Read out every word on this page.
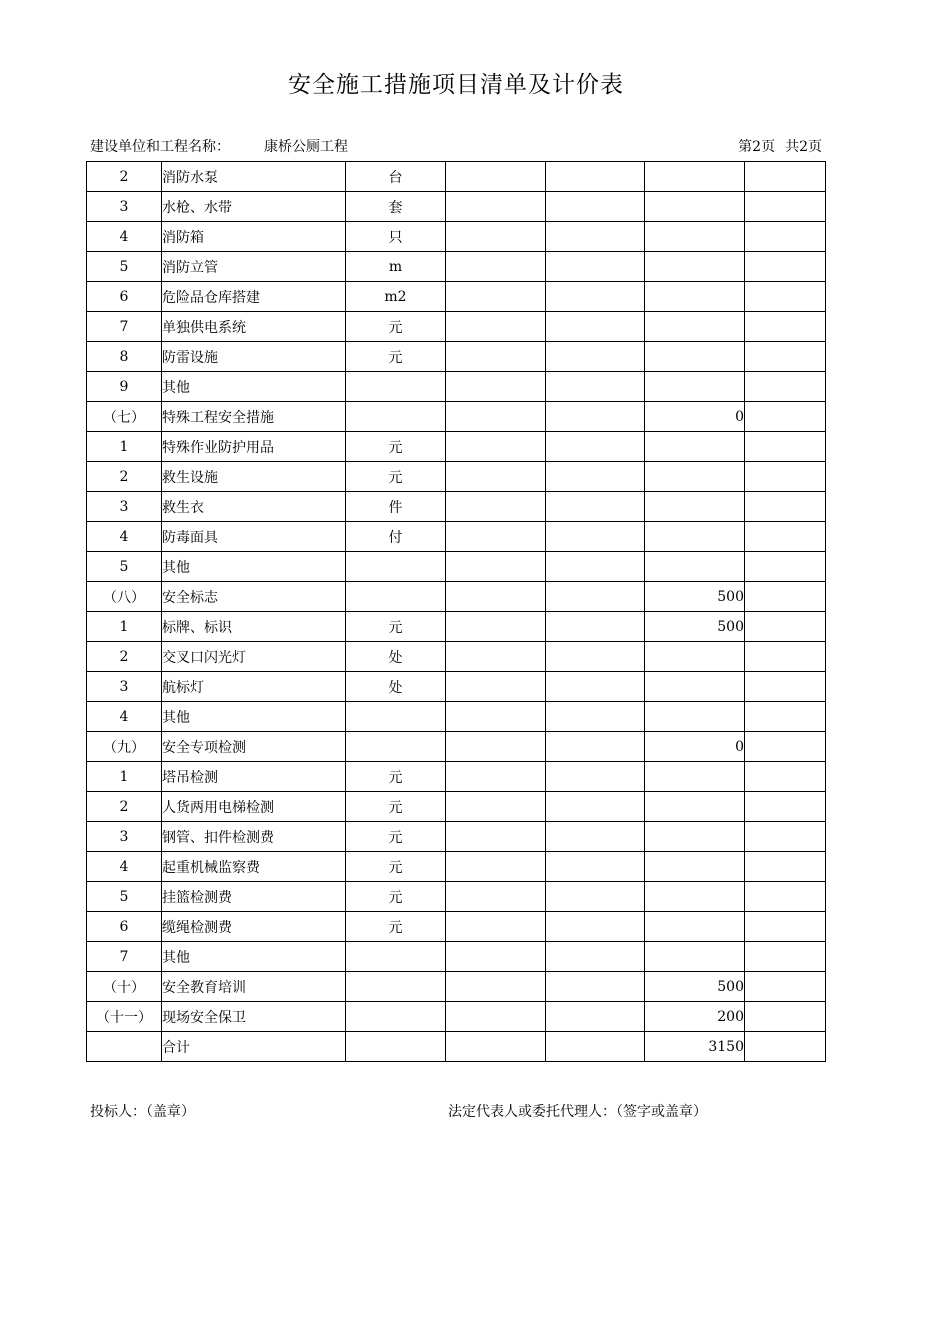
安全施工措施项目清单及计价表
建设单位和工程名称： 康桥公厕工程	第2页 共2页
2	消防水泵	台				
3	水枪、水带	套				
4	消防箱	只				
5	消防立管	m				
6	危险品仓库搭建	m2				
7	单独供电系统	元				
8	防雷设施	元				
9	其他					
（七）	特殊工程安全措施				0	
1	特殊作业防护用品	元				
2	救生设施	元				
3	救生衣	件				
4	防毒面具	付				
5	其他					
（八）	安全标志				500	
1	标牌、标识	元			500	
2	交叉口闪光灯	处				
3	航标灯	处				
4	其他					
（九）	安全专项检测				0	
1	塔吊检测	元				
2	人货两用电梯检测	元				
3	钢管、扣件检测费	元				
4	起重机械监察费	元				
5	挂篮检测费	元				
6	缆绳检测费	元				
7	其他					
（十）	安全教育培训				500	
（十一）	现场安全保卫				200	
	合计				3150	
投标人：（盖章）	法定代表人或委托代理人：（签字或盖章）
